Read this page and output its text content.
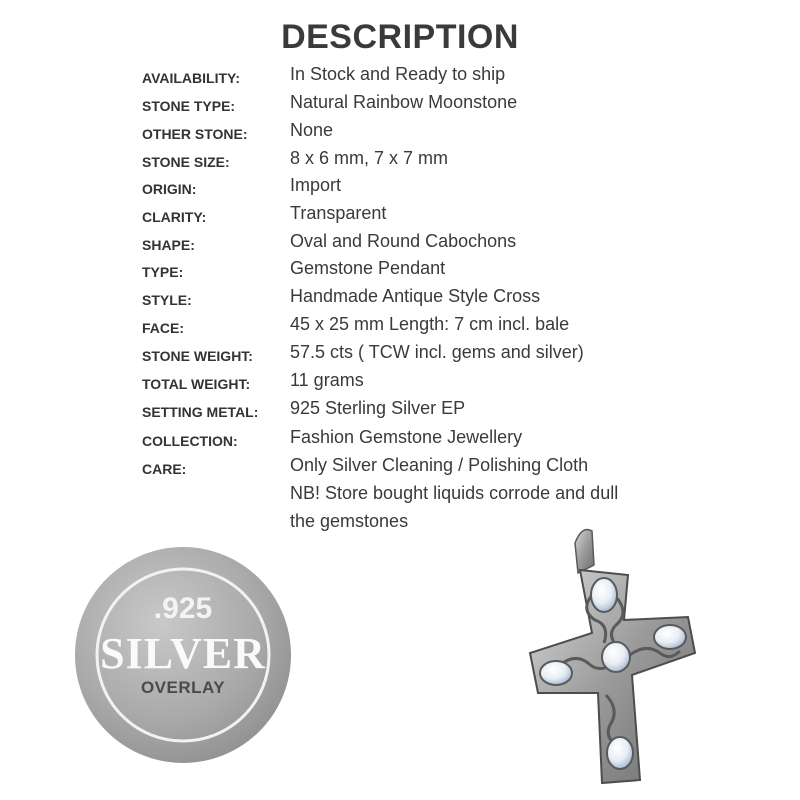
DESCRIPTION
AVAILABILITY:	In Stock and Ready to ship
STONE TYPE:	Natural Rainbow Moonstone
OTHER STONE: None
STONE SIZE:	8 x 6 mm, 7 x 7 mm
ORIGIN:	Import
CLARITY:	Transparent
SHAPE:	Oval and Round Cabochons
TYPE:	Gemstone Pendant
STYLE:	Handmade Antique Style Cross
FACE:	45 x 25 mm Length: 7 cm incl. bale
STONE WEIGHT: 57.5 cts ( TCW incl. gems and silver)
TOTAL WEIGHT: 11 grams
SETTING METAL: 925 Sterling Silver EP
COLLECTION:	Fashion Gemstone Jewellery
CARE:	Only Silver Cleaning / Polishing Cloth
NB! Store bought liquids corrode and dull
the gemstones
.925
SILVER
OVERLAY
